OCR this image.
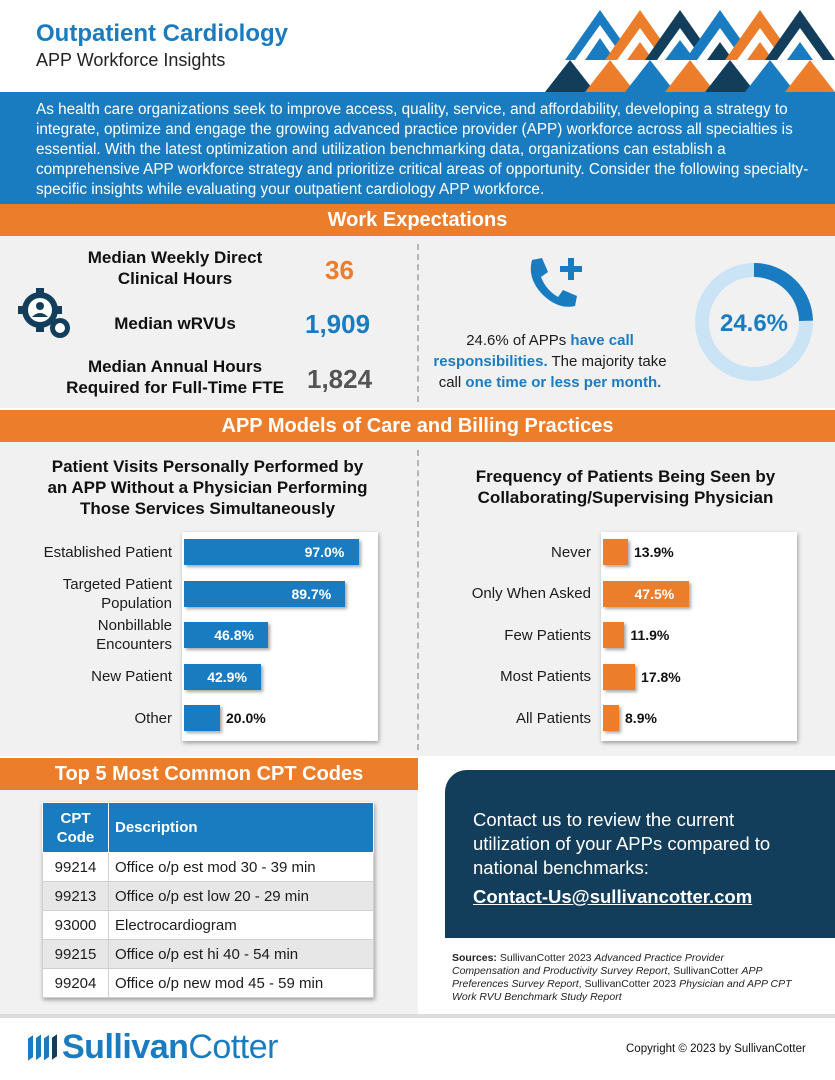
Outpatient Cardiology
APP Workforce Insights
As health care organizations seek to improve access, quality, service, and affordability, developing a strategy to integrate, optimize and engage the growing advanced practice provider (APP) workforce across all specialties is essential. With the latest optimization and utilization benchmarking data, organizations can establish a comprehensive APP workforce strategy and prioritize critical areas of opportunity. Consider the following specialty-specific insights while evaluating your outpatient cardiology APP workforce.
Work Expectations
Median Weekly Direct
Clinical Hours	36
Median wRVUs	1,909
Median Annual Hours
Required for Full-Time FTE 1,824
24.6% of APPs have call responsibilities. The majority take call one time or less per month.
24.6%
APP Models of Care and Billing Practices
Patient Visits Personally Performed by
an APP Without a Physician Performing
Those Services Simultaneously
Established Patient	97.0%
Targeted Patient
Population
89.7%
Nonbillable
Encounters
46.8%
New Patient	42.9%
Other	20.0%
Frequency of Patients Being Seen by
Collaborating/Supervising Physician
Never	13.9%
Only When Asked	47.5%
Few Patients	11.9%
Most Patients	17.8%
All Patients 8.9%
Top 5 Most Common CPT Codes
CPT
Code	Description
99214	Office o/p est mod 30 - 39 min
99213	Office o/p est low 20 - 29 min
93000	Electrocardiogram
99215	Office o/p est hi 40 - 54 min
99204	Office o/p new mod 45 - 59 min
Contact us to review the current utilization of your APPs compared to national benchmarks:
Contact-Us@sullivancotter.com
Sources: SullivanCotter 2023 Advanced Practice Provider Compensation and Productivity Survey Report, SullivanCotter APP Preferences Survey Report, SullivanCotter 2023 Physician and APP CPT Work RVU Benchmark Study Report
SullivanCotter	Copyright © 2023 by SullivanCotter
